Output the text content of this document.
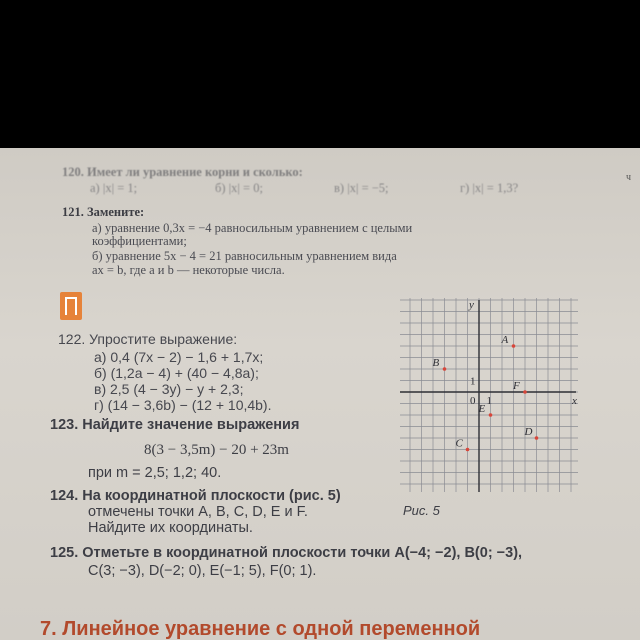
120. Имеет ли уравнение корни и сколько:
а) |x| = 1;	б) |x| = 0;	в) |x| = −5;	г) |x| = 1,3?
121. Замените:
а) уравнение 0,3x = −4 равносильным уравнением с целыми
коэффициентами;
б) уравнение 5x − 4 = 21 равносильным уравнением вида
ax = b, где a и b — некоторые числа.
122. Упростите выражение:
а) 0,4 (7x − 2) − 1,6 + 1,7x;
б) (1,2a − 4) + (40 − 4,8a);
в) 2,5 (4 − 3y) − y + 2,3;
г) (14 − 3,6b) − (12 + 10,4b).
123. Найдите значение выражения
8(3 − 3,5m) − 20 + 23m
при m = 2,5; 1,2; 40.
124. На координатной плоскости (рис. 5)
отмечены точки A, B, C, D, E и F.
Найдите их координаты.
125. Отметьте в координатной плоскости точки A(−4; −2), B(0; −3),
C(3; −3), D(−2; 0), E(−1; 5), F(0; 1).
y
x
0 1
1
A
B
C
D
E
F
Рис. 5
7. Линейное уравнение с одной переменной
ч
